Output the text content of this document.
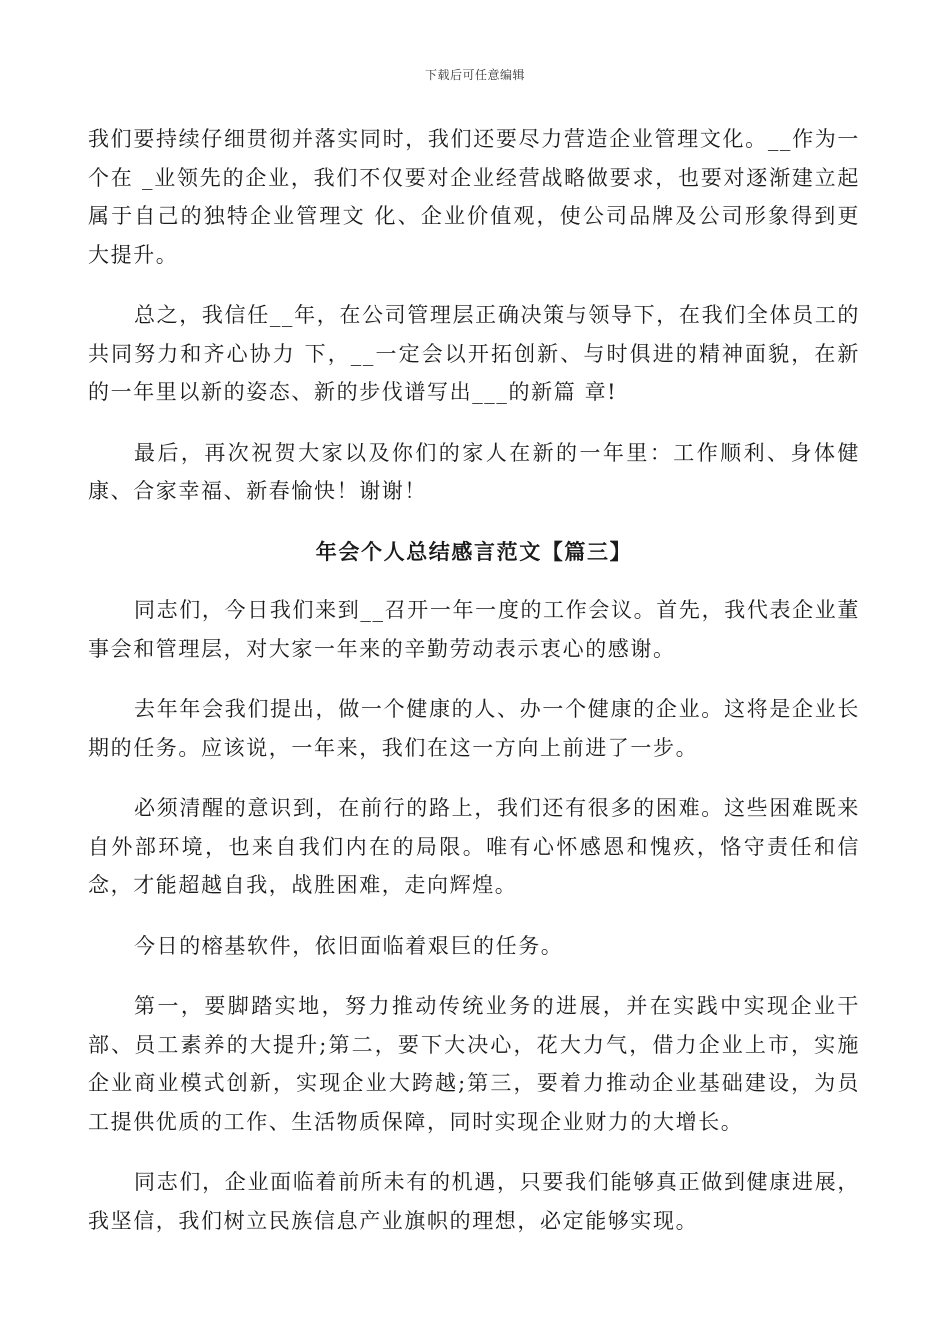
下载后可任意编辑

我们要持续仔细贯彻并落实同时，我们还要尽力营造企业管理文化。__作为一个在 _业领先的企业，我们不仅要对企业经营战略做要求，也要对逐渐建立起属于自己的独特企业管理文 化、企业价值观，使公司品牌及公司形象得到更大提升。

总之，我信任__年，在公司管理层正确决策与领导下，在我们全体员工的共同努力和齐心协力 下，__一定会以开拓创新、与时俱进的精神面貌，在新的一年里以新的姿态、新的步伐谱写出___的新篇 章!

最后，再次祝贺大家以及你们的家人在新的一年里：工作顺利、身体健康、合家幸福、新春愉快！谢谢！

年会个人总结感言范文【篇三】

同志们，今日我们来到__召开一年一度的工作会议。首先，我代表企业董事会和管理层，对大家一年来的辛勤劳动表示衷心的感谢。

去年年会我们提出，做一个健康的人、办一个健康的企业。这将是企业长期的任务。应该说，一年来，我们在这一方向上前进了一步。

必须清醒的意识到，在前行的路上，我们还有很多的困难。这些困难既来自外部环境，也来自我们内在的局限。唯有心怀感恩和愧疚，恪守责任和信念，才能超越自我，战胜困难，走向辉煌。

今日的榕基软件，依旧面临着艰巨的任务。

第一，要脚踏实地，努力推动传统业务的进展，并在实践中实现企业干部、员工素养的大提升;第二，要下大决心，花大力气，借力企业上市，实施企业商业模式创新，实现企业大跨越;第三，要着力推动企业基础建设，为员工提供优质的工作、生活物质保障，同时实现企业财力的大增长。

同志们，企业面临着前所未有的机遇，只要我们能够真正做到健康进展，我坚信，我们树立民族信息产业旗帜的理想，必定能够实现。
